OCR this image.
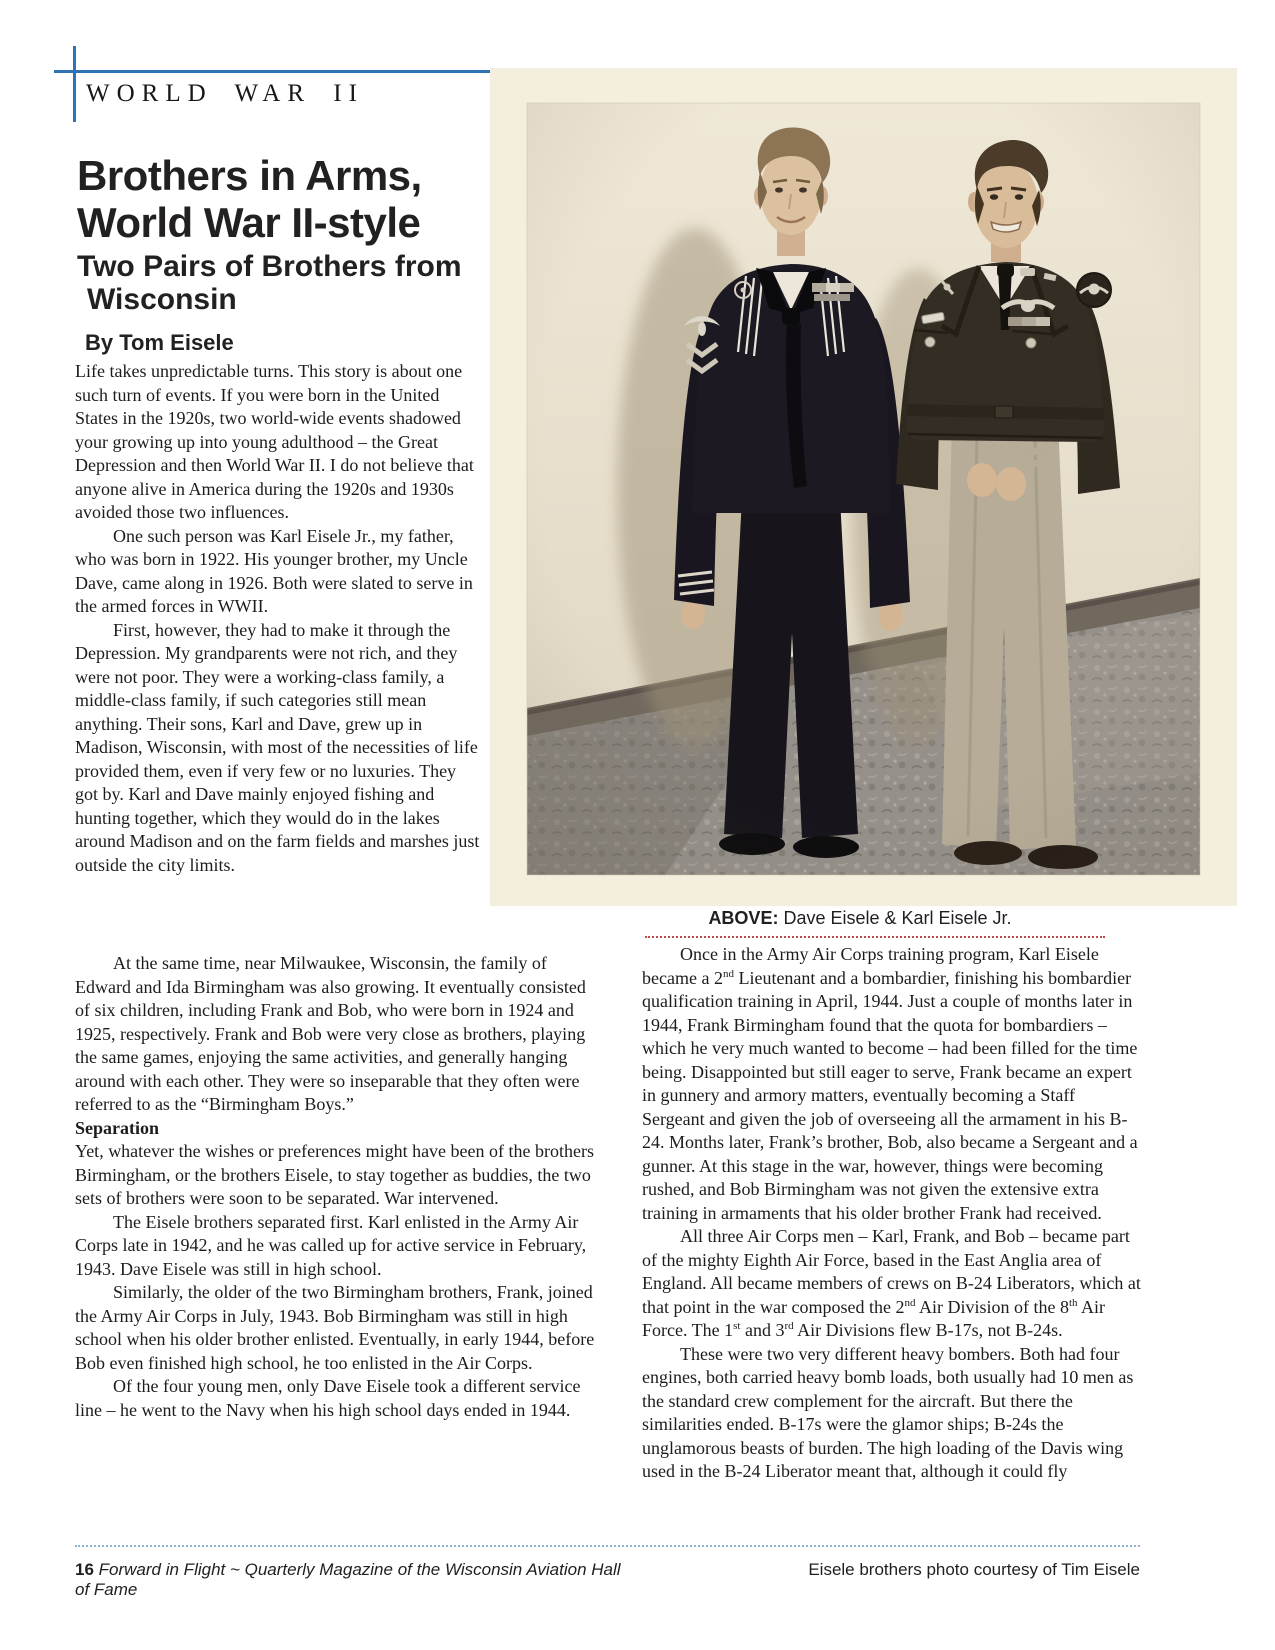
WORLD WAR II
Brothers in Arms,
World War II-style
Two Pairs of Brothers from
Wisconsin
By Tom Eisele
ABOVE: Dave Eisele & Karl Eisele Jr.

Life takes unpredictable turns. This story is about one such turn of events. If you were born in the United States in the 1920s, two world-wide events shadowed your growing up into young adulthood – the Great Depression and then World War II. I do not believe that anyone alive in America during the 1920s and 1930s avoided those two influences.

One such person was Karl Eisele Jr., my father, who was born in 1922. His younger brother, my Uncle Dave, came along in 1926. Both were slated to serve in the armed forces in WWII.

First, however, they had to make it through the Depression. My grandparents were not rich, and they were not poor. They were a working-class family, a middle-class family, if such categories still mean anything. Their sons, Karl and Dave, grew up in Madison, Wisconsin, with most of the necessities of life provided them, even if very few or no luxuries. They got by. Karl and Dave mainly enjoyed fishing and hunting together, which they would do in the lakes around Madison and on the farm fields and marshes just outside the city limits.

At the same time, near Milwaukee, Wisconsin, the family of Edward and Ida Birmingham was also growing. It eventually consisted of six children, including Frank and Bob, who were born in 1924 and 1925, respectively. Frank and Bob were very close as brothers, playing the same games, enjoying the same activities, and generally hanging around with each other. They were so inseparable that they often were referred to as the “Birmingham Boys.”

Separation

Yet, whatever the wishes or preferences might have been of the brothers Birmingham, or the brothers Eisele, to stay together as buddies, the two sets of brothers were soon to be separated. War intervened.

The Eisele brothers separated first. Karl enlisted in the Army Air Corps late in 1942, and he was called up for active service in February, 1943. Dave Eisele was still in high school.

Similarly, the older of the two Birmingham brothers, Frank, joined the Army Air Corps in July, 1943. Bob Birmingham was still in high school when his older brother enlisted. Eventually, in early 1944, before Bob even finished high school, he too enlisted in the Air Corps.

Of the four young men, only Dave Eisele took a different service line – he went to the Navy when his high school days ended in 1944.

Once in the Army Air Corps training program, Karl Eisele became a 2nd Lieutenant and a bombardier, finishing his bombardier qualification training in April, 1944. Just a couple of months later in 1944, Frank Birmingham found that the quota for bombardiers – which he very much wanted to become – had been filled for the time being. Disappointed but still eager to serve, Frank became an expert in gunnery and armory matters, eventually becoming a Staff Sergeant and given the job of overseeing all the armament in his B-24. Months later, Frank’s brother, Bob, also became a Sergeant and a gunner. At this stage in the war, however, things were becoming rushed, and Bob Birmingham was not given the extensive extra training in armaments that his older brother Frank had received.

All three Air Corps men – Karl, Frank, and Bob – became part of the mighty Eighth Air Force, based in the East Anglia area of England. All became members of crews on B-24 Liberators, which at that point in the war composed the 2nd Air Division of the 8th Air Force. The 1st and 3rd Air Divisions flew B-17s, not B-24s.

These were two very different heavy bombers. Both had four engines, both carried heavy bomb loads, both usually had 10 men as the standard crew complement for the aircraft. But there the similarities ended. B-17s were the glamor ships; B-24s the unglamorous beasts of burden. The high loading of the Davis wing used in the B-24 Liberator meant that, although it could fly

16 Forward in Flight ~ Quarterly Magazine of the Wisconsin Aviation Hall of Fame
Eisele brothers photo courtesy of Tim Eisele
